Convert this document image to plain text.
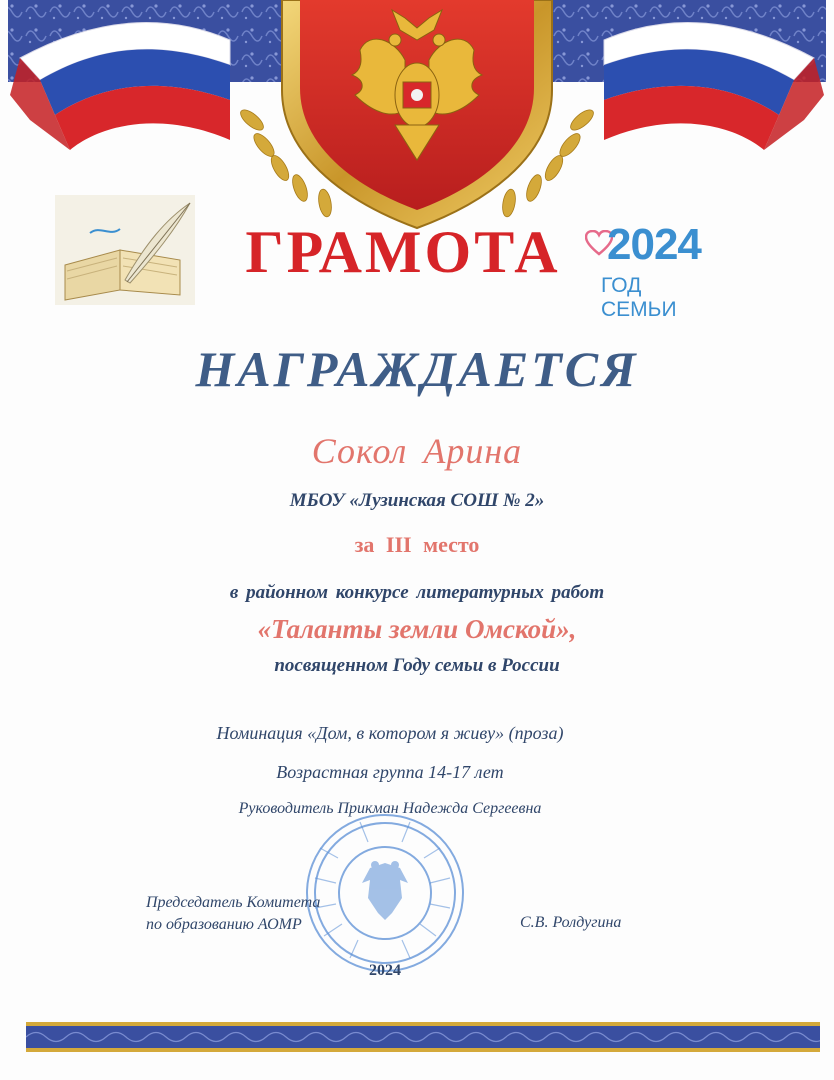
ГРАМОТА	2024
ГОД СЕМЬИ
НАГРАЖДАЕТСЯ
Сокол Арина
МБОУ «Лузинская СОШ № 2»
за III место
в районном конкурсе литературных работ
«Таланты земли Омской»,
посвященном Году семьи в России
Номинация «Дом, в котором я живу» (проза)
Возрастная группа 14-17 лет
Руководитель Прикман Надежда Сергеевна
Председатель Комитета
по образованию АОМР	С.В. Ролдугина
2024
